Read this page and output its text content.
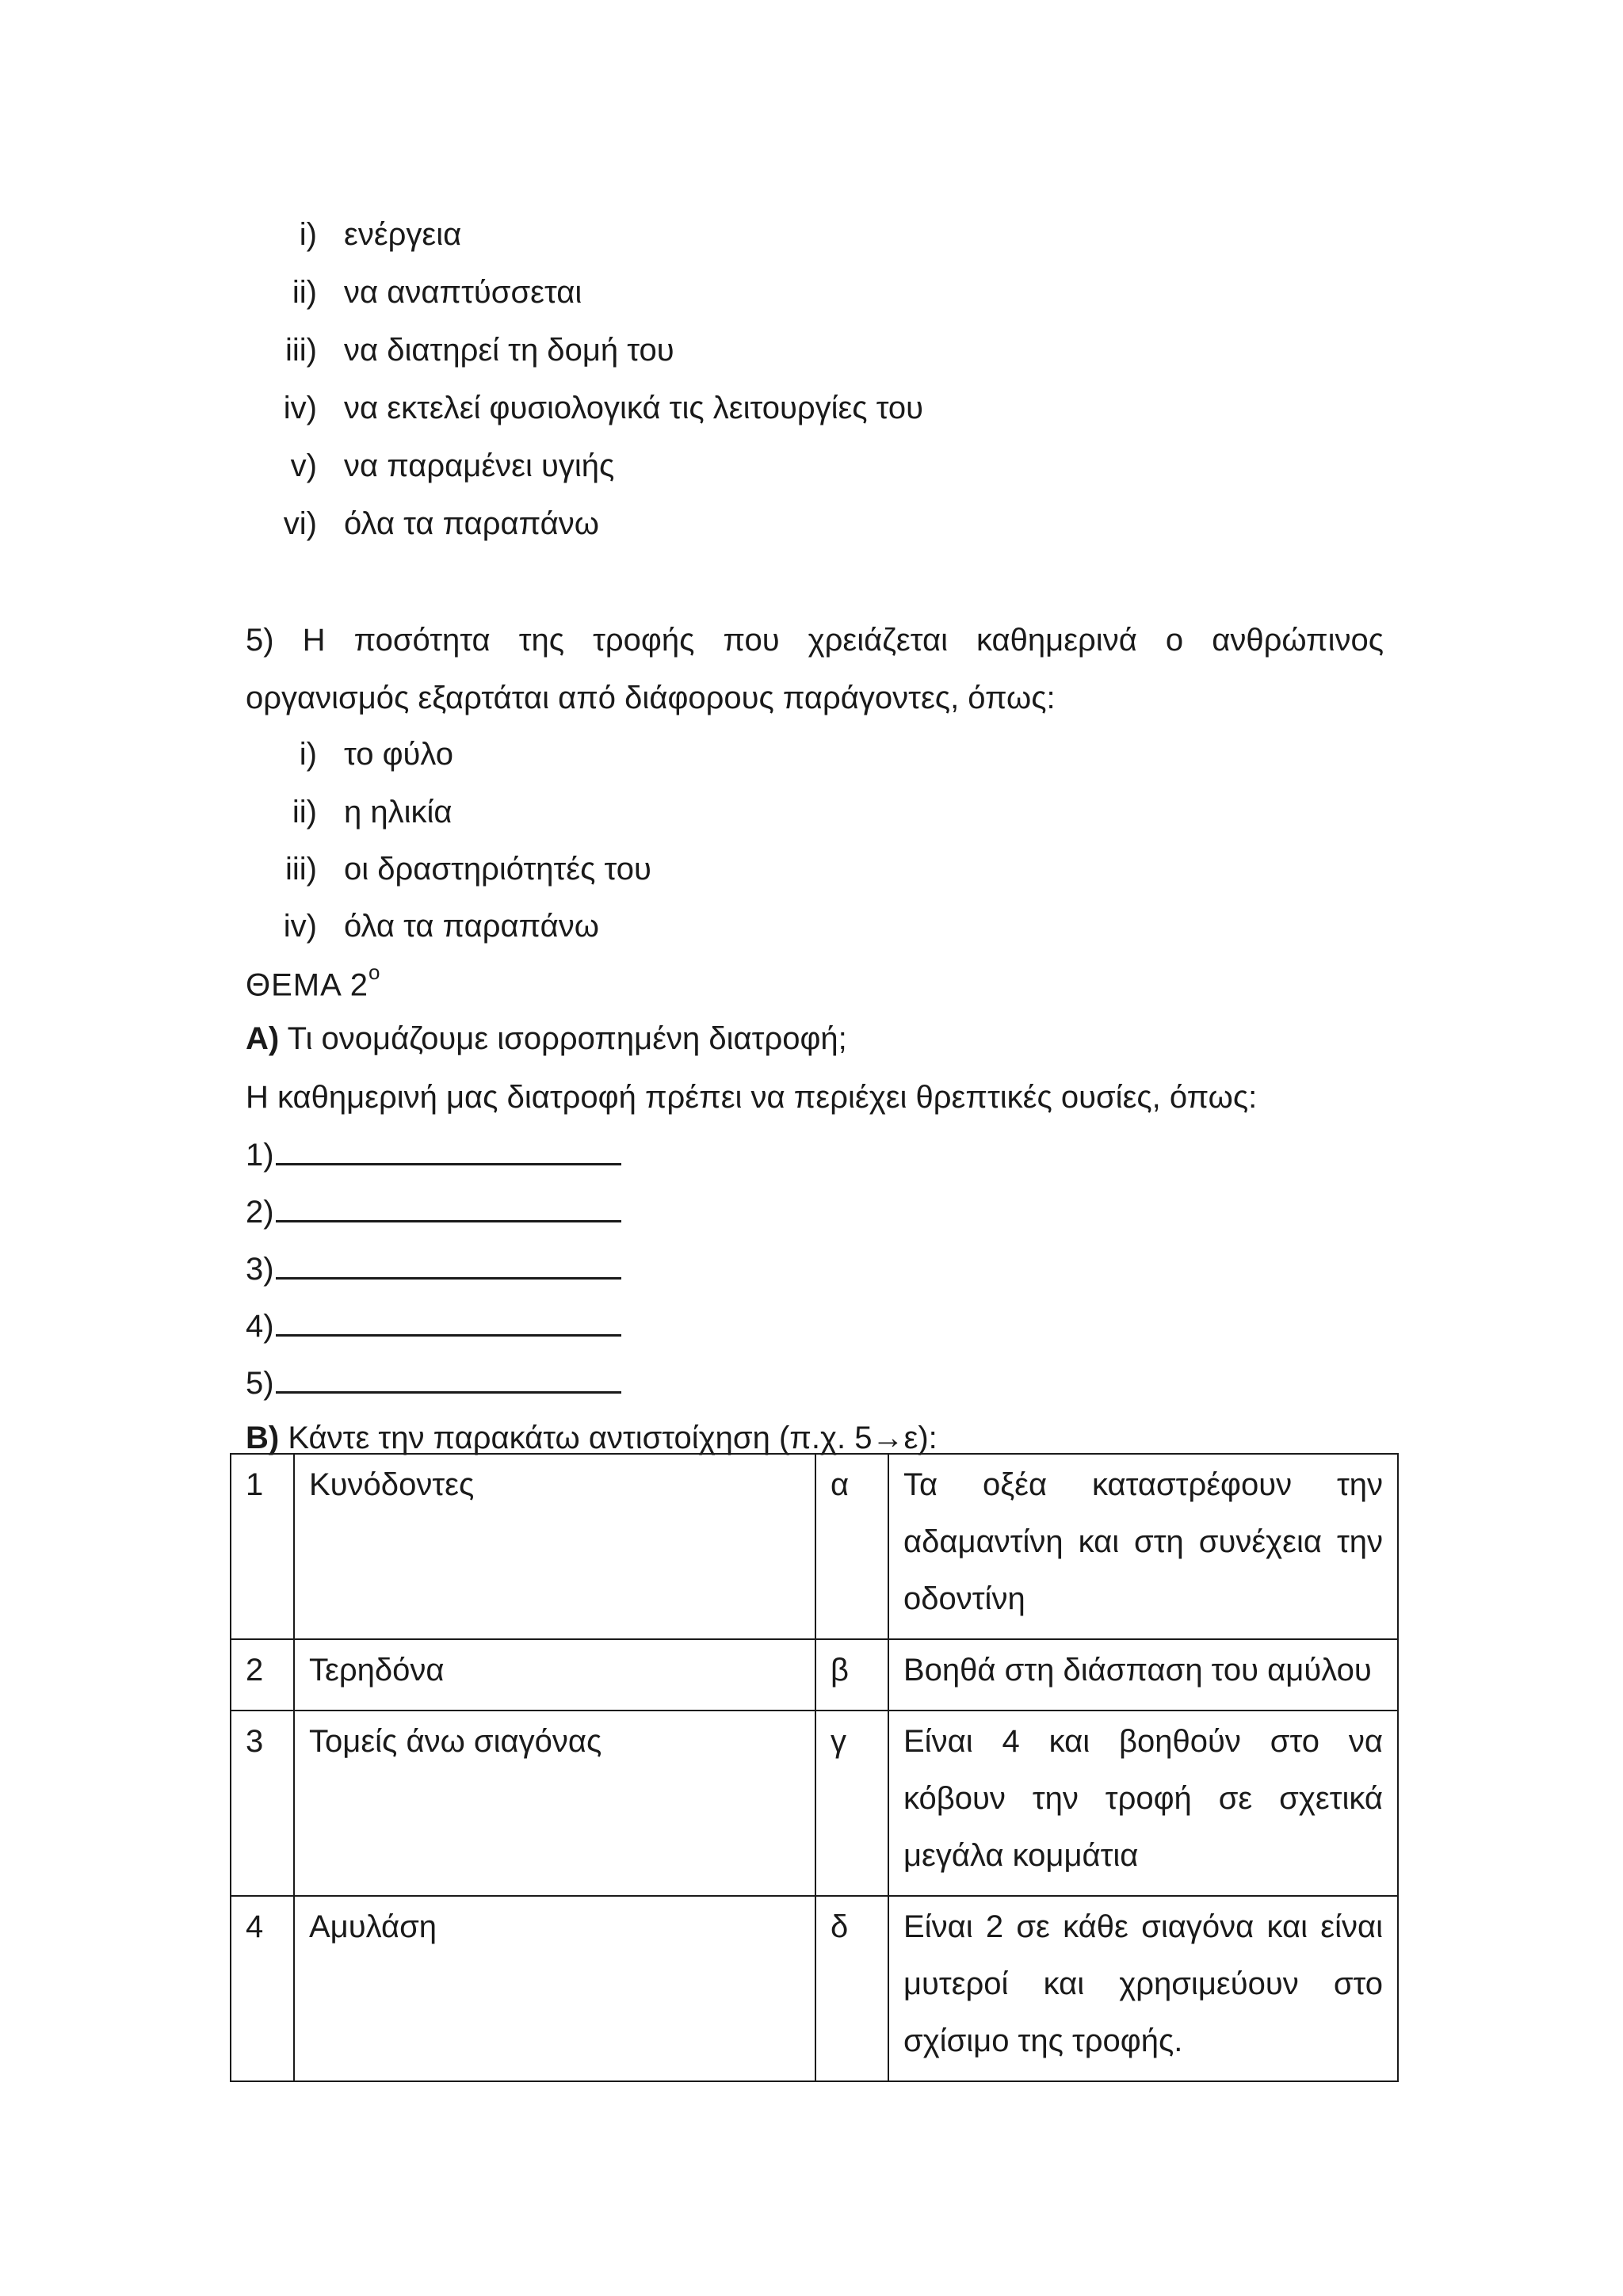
i) ενέργεια
ii) να αναπτύσσεται
iii) να διατηρεί τη δομή του
iv) να εκτελεί φυσιολογικά τις λειτουργίες του
v) να παραμένει υγιής
vi) όλα τα παραπάνω
5) Η ποσότητα της τροφής που χρειάζεται καθημερινά ο ανθρώπινος
οργανισμός εξαρτάται από διάφορους παράγοντες, όπως:
i) το φύλο
ii) η ηλικία
iii) οι δραστηριότητές του
iv) όλα τα παραπάνω
ΘΕΜΑ $2^o$
Α) Τι ονομάζουμε ισορροπημένη διατροφή;
Η καθημερινή μας διατροφή πρέπει να περιέχει θρεπτικές ουσίες, όπως:
1)
2)
3)
4)
5)
Β) Κάντε την παρακάτω αντιστοίχηση (π.χ. 5→ε):
1	Κυνόδοντες	α	Τα οξέα καταστρέφουν την αδαμαντίνη και στη συνέχεια την οδοντίνη

2	Τερηδόνα	β	Βοηθά στη διάσπαση του αμύλου

3	Τομείς άνω σιαγόνας	γ	Είναι 4 και βοηθούν στο να κόβουν την τροφή σε σχετικά μεγάλα κομμάτια

4	Αμυλάση	δ	Είναι 2 σε κάθε σιαγόνα και είναι μυτεροί και χρησιμεύουν στο σχίσιμο της τροφής.
